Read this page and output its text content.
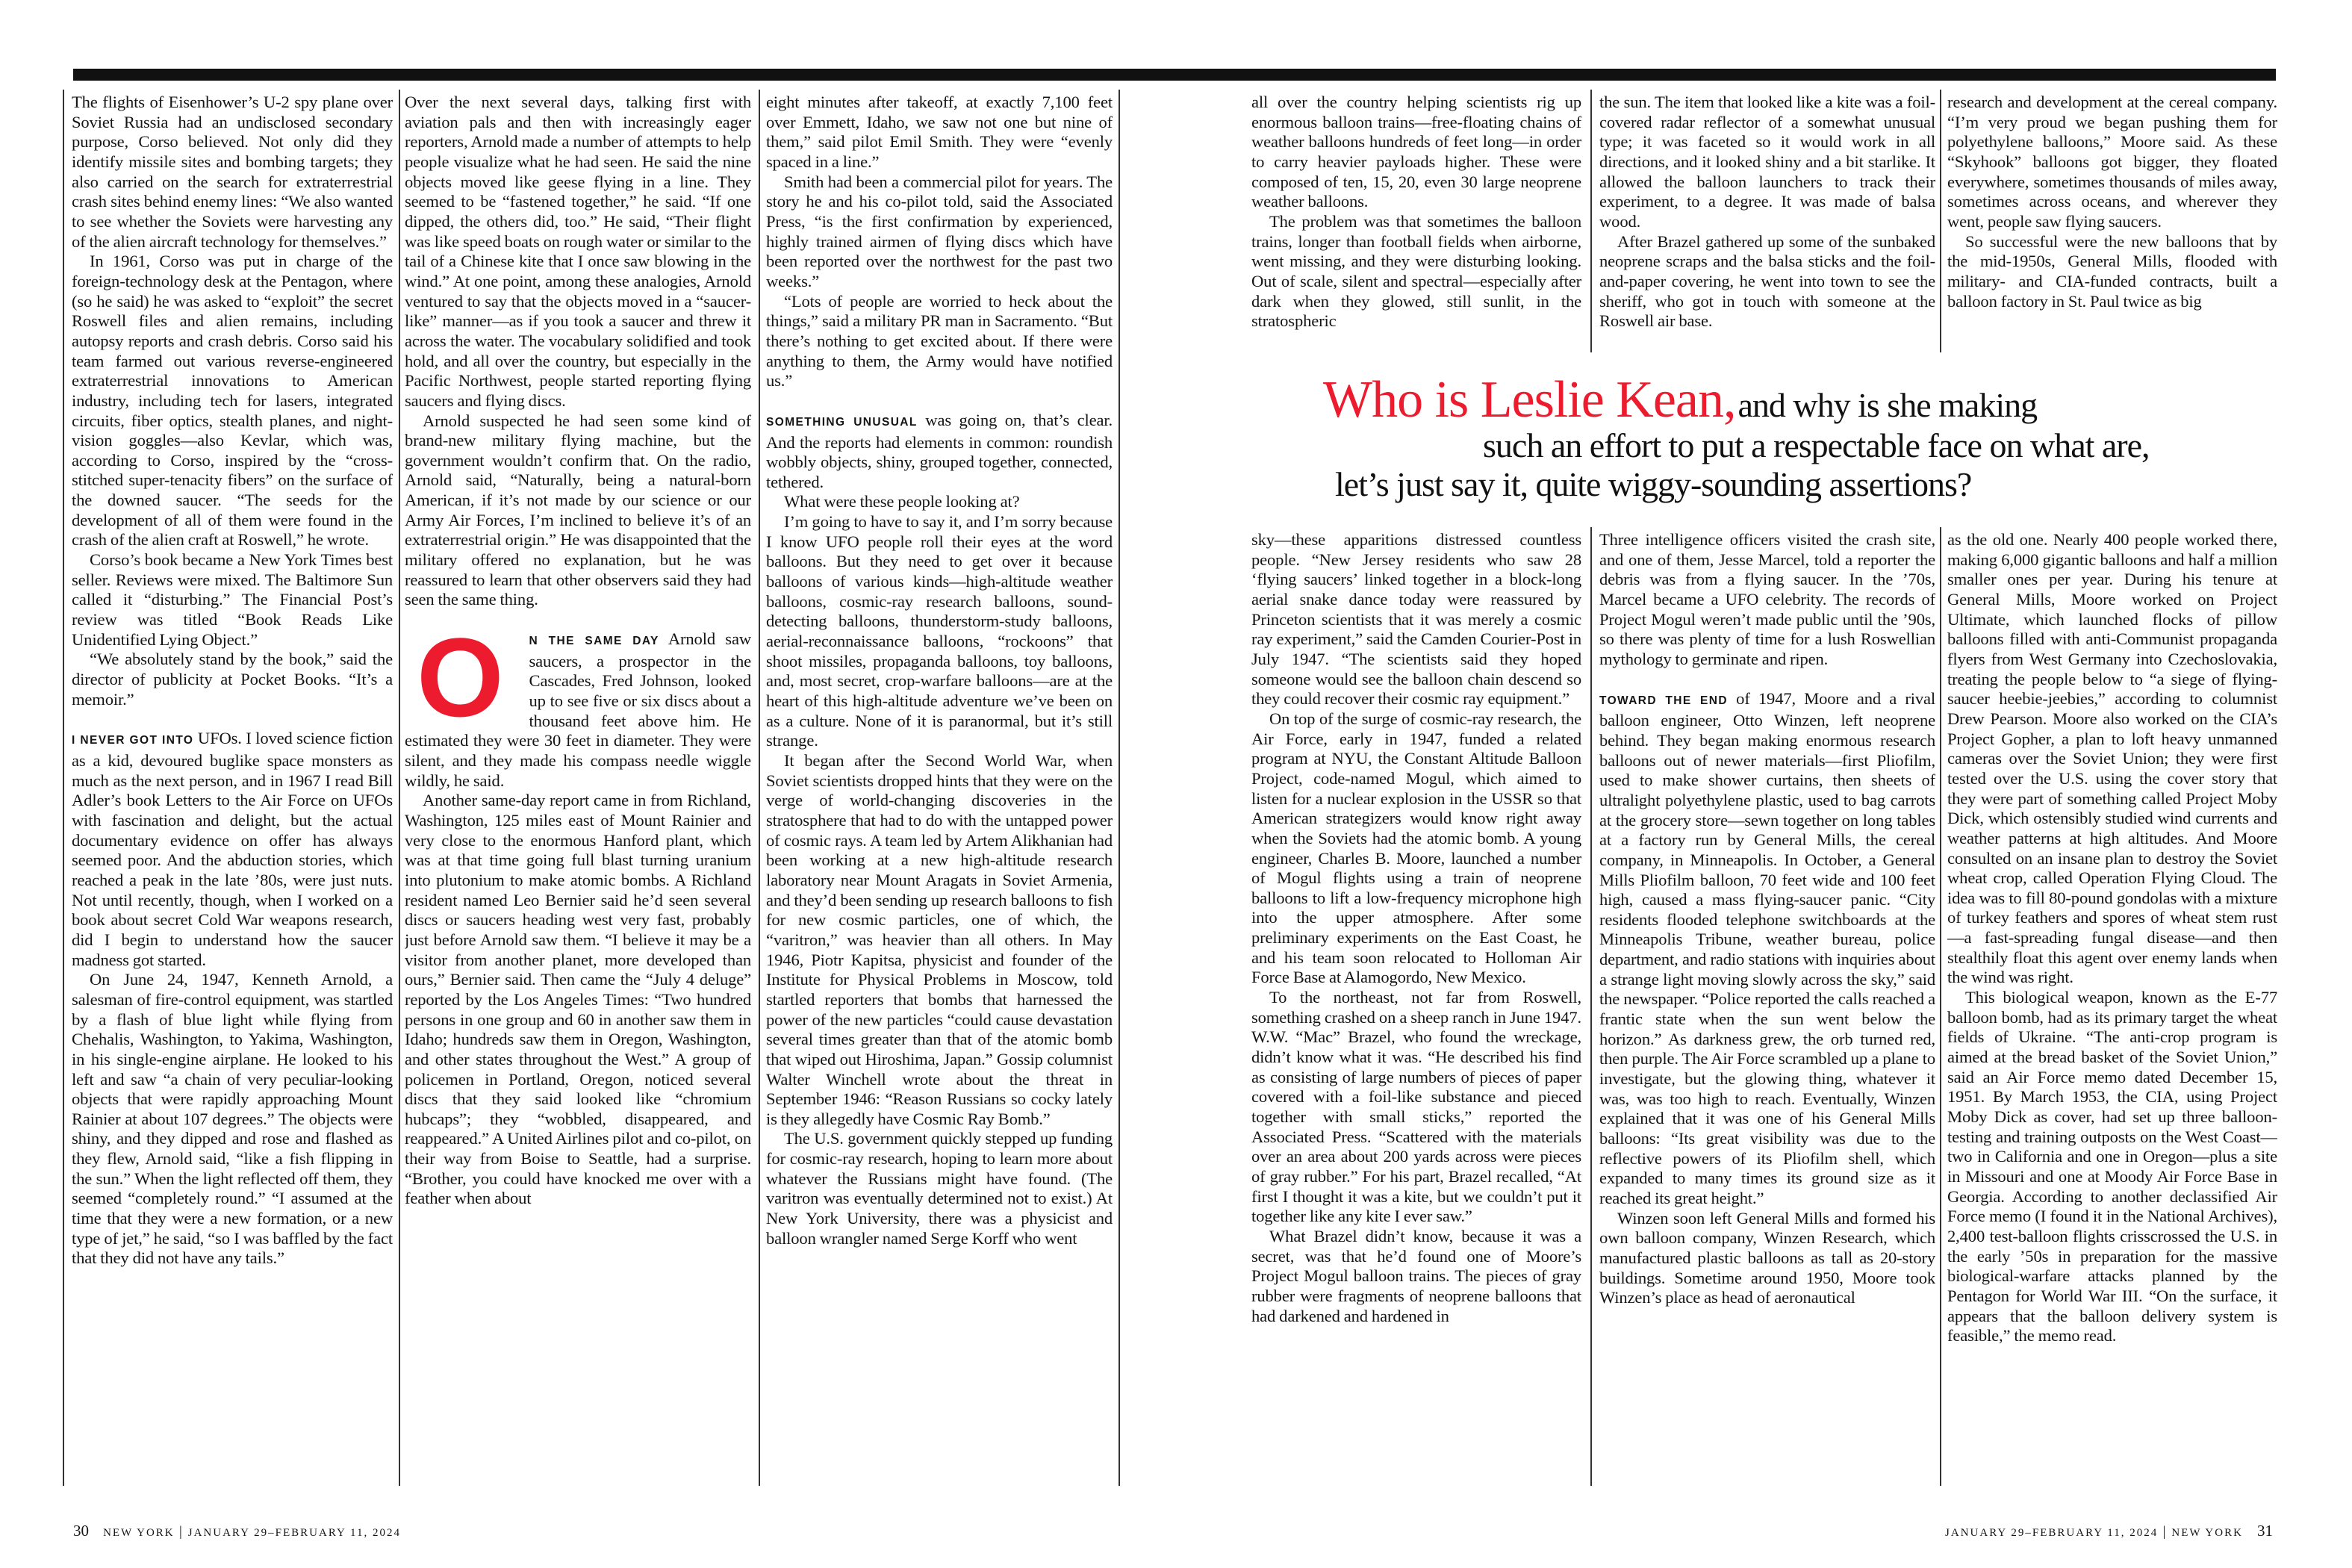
The flights of Eisenhower’s U-2 spy plane over Soviet Russia had an undisclosed secondary purpose, Corso believed. Not only did they identify missile sites and bombing targets; they also carried on the search for extraterrestrial crash sites behind enemy lines: “We also wanted to see whether the Soviets were harvesting any of the alien aircraft technology for themselves.”

In 1961, Corso was put in charge of the foreign-technology desk at the Pentagon, where (so he said) he was asked to “exploit” the secret Roswell files and alien remains, including autopsy reports and crash debris. Corso said his team farmed out various reverse-engineered extraterrestrial innovations to American industry, including tech for lasers, integrated circuits, fiber optics, stealth planes, and night-vision goggles—also Kevlar, which was, according to Corso, inspired by the “cross-stitched super-tenacity fibers” on the surface of the downed saucer. “The seeds for the development of all of them were found in the crash of the alien craft at Roswell,” he wrote.

Corso’s book became a New York Times best seller. Reviews were mixed. The Baltimore Sun called it “disturbing.” The Financial Post’s review was titled “Book Reads Like Unidentified Lying Object.”

“We absolutely stand by the book,” said the director of publicity at Pocket Books. “It’s a memoir.”

I NEVER GOT INTO UFOs. I loved science fiction as a kid, devoured buglike space monsters as much as the next person, and in 1967 I read Bill Adler’s book Letters to the Air Force on UFOs with fascination and delight, but the actual documentary evidence on offer has always seemed poor. And the abduction stories, which reached a peak in the late ’80s, were just nuts. Not until recently, though, when I worked on a book about secret Cold War weapons research, did I begin to understand how the saucer madness got started.

On June 24, 1947, Kenneth Arnold, a salesman of fire-control equipment, was startled by a flash of blue light while flying from Chehalis, Washington, to Yakima, Washington, in his single-engine airplane. He looked to his left and saw “a chain of very peculiar-looking objects that were rapidly approaching Mount Rainier at about 107 degrees.” The objects were shiny, and they dipped and rose and flashed as they flew, Arnold said, “like a fish flipping in the sun.” When the light reflected off them, they seemed “completely round.” “I assumed at the time that they were a new formation, or a new type of jet,” he said, “so I was baffled by the fact that they did not have any tails.”

Over the next several days, talking first with aviation pals and then with increasingly eager reporters, Arnold made a number of attempts to help people visualize what he had seen. He said the nine objects moved like geese flying in a line. They seemed to be “fastened together,” he said. “If one dipped, the others did, too.” He said, “Their flight was like speed boats on rough water or similar to the tail of a Chinese kite that I once saw blowing in the wind.” At one point, among these analogies, Arnold ventured to say that the objects moved in a “saucer-like” manner—as if you took a saucer and threw it across the water. The vocabulary solidified and took hold, and all over the country, but especially in the Pacific Northwest, people started reporting flying saucers and flying discs.

Arnold suspected he had seen some kind of brand-new military flying machine, but the government wouldn’t confirm that. On the radio, Arnold said, “Naturally, being a natural-born American, if it’s not made by our science or our Army Air Forces, I’m inclined to believe it’s of an extraterrestrial origin.” He was disappointed that the military offered no explanation, but he was reassured to learn that other observers said they had seen the same thing.

O N THE SAME DAY Arnold saw saucers, a prospector in the Cascades, Fred Johnson, looked up to see five or six discs about a thousand feet above him. He estimated they were 30 feet in diameter. They were silent, and they made his compass needle wiggle wildly, he said.

Another same-day report came in from Richland, Washington, 125 miles east of Mount Rainier and very close to the enormous Hanford plant, which was at that time going full blast turning uranium into plutonium to make atomic bombs. A Richland resident named Leo Bernier said he’d seen several discs or saucers heading west very fast, probably just before Arnold saw them. “I believe it may be a visitor from another planet, more developed than ours,” Bernier said. Then came the “July 4 deluge” reported by the Los Angeles Times: “Two hundred persons in one group and 60 in another saw them in Idaho; hundreds saw them in Oregon, Washington, and other states throughout the West.” A group of policemen in Portland, Oregon, noticed several discs that they said looked like “chromium hubcaps”; they “wobbled, disappeared, and reappeared.” A United Airlines pilot and co-pilot, on their way from Boise to Seattle, had a surprise. “Brother, you could have knocked me over with a feather when about

eight minutes after takeoff, at exactly 7,100 feet over Emmett, Idaho, we saw not one but nine of them,” said pilot Emil Smith. They were “evenly spaced in a line.”

Smith had been a commercial pilot for years. The story he and his co-pilot told, said the Associated Press, “is the first confirmation by experienced, highly trained airmen of flying discs which have been reported over the northwest for the past two weeks.”

“Lots of people are worried to heck about the things,” said a military PR man in Sacramento. “But there’s nothing to get excited about. If there were anything to them, the Army would have notified us.”

SOMETHING UNUSUAL was going on, that’s clear. And the reports had elements in common: roundish wobbly objects, shiny, grouped together, connected, tethered.

What were these people looking at?

I’m going to have to say it, and I’m sorry because I know UFO people roll their eyes at the word balloons. But they need to get over it because balloons of various kinds—high-altitude weather balloons, cosmic-ray research balloons, sound-detecting balloons, thunderstorm-study balloons, aerial-reconnaissance balloons, “rockoons” that shoot missiles, propaganda balloons, toy balloons, and, most secret, crop-warfare balloons—are at the heart of this high-altitude adventure we’ve been on as a culture. None of it is paranormal, but it’s still strange.

It began after the Second World War, when Soviet scientists dropped hints that they were on the verge of world-changing discoveries in the stratosphere that had to do with the untapped power of cosmic rays. A team led by Artem Alikhanian had been working at a new high-altitude research laboratory near Mount Aragats in Soviet Armenia, and they’d been sending up research balloons to fish for new cosmic particles, one of which, the “varitron,” was heavier than all others. In May 1946, Piotr Kapitsa, physicist and founder of the Institute for Physical Problems in Moscow, told startled reporters that bombs that harnessed the power of the new particles “could cause devastation several times greater than that of the atomic bomb that wiped out Hiroshima, Japan.” Gossip columnist Walter Winchell wrote about the threat in September 1946: “Reason Russians so cocky lately is they allegedly have Cosmic Ray Bomb.”

The U.S. government quickly stepped up funding for cosmic-ray research, hoping to learn more about whatever the Russians might have found. (The varitron was eventually determined not to exist.) At New York University, there was a physicist and balloon wrangler named Serge Korff who went

all over the country helping scientists rig up enormous balloon trains—free-floating chains of weather balloons hundreds of feet long—in order to carry heavier payloads higher. These were composed of ten, 15, 20, even 30 large neoprene weather balloons.

The problem was that sometimes the balloon trains, longer than football fields when airborne, went missing, and they were disturbing looking. Out of scale, silent and spectral—especially after dark when they glowed, still sunlit, in the stratospheric

the sun. The item that looked like a kite was a foil-covered radar reflector of a somewhat unusual type; it was faceted so it would work in all directions, and it looked shiny and a bit starlike. It allowed the balloon launchers to track their experiment, to a degree. It was made of balsa wood.

After Brazel gathered up some of the sunbaked neoprene scraps and the balsa sticks and the foil-and-paper covering, he went into town to see the sheriff, who got in touch with someone at the Roswell air base.

research and development at the cereal company. “I’m very proud we began pushing them for polyethylene balloons,” Moore said. As these “Skyhook” balloons got bigger, they floated everywhere, sometimes thousands of miles away, sometimes across oceans, and wherever they went, people saw flying saucers.

So successful were the new balloons that by the mid-1950s, General Mills, flooded with military- and CIA-funded contracts, built a balloon factory in St. Paul twice as big

Who is Leslie Kean, and why is she making
such an effort to put a respectable face on what are,
let’s just say it, quite wiggy-sounding assertions?

sky—these apparitions distressed countless people. “New Jersey residents who saw 28 ‘flying saucers’ linked together in a block-long aerial snake dance today were reassured by Princeton scientists that it was merely a cosmic ray experiment,” said the Camden Courier-Post in July 1947. “The scientists said they hoped someone would see the balloon chain descend so they could recover their cosmic ray equipment.”

On top of the surge of cosmic-ray research, the Air Force, early in 1947, funded a related program at NYU, the Constant Altitude Balloon Project, code-named Mogul, which aimed to listen for a nuclear explosion in the USSR so that American strategizers would know right away when the Soviets had the atomic bomb. A young engineer, Charles B. Moore, launched a number of Mogul flights using a train of neoprene balloons to lift a low-frequency microphone high into the upper atmosphere. After some preliminary experiments on the East Coast, he and his team soon relocated to Holloman Air Force Base at Alamogordo, New Mexico.

To the northeast, not far from Roswell, something crashed on a sheep ranch in June 1947. W.W. “Mac” Brazel, who found the wreckage, didn’t know what it was. “He described his find as consisting of large numbers of pieces of paper covered with a foil-like substance and pieced together with small sticks,” reported the Associated Press. “Scattered with the materials over an area about 200 yards across were pieces of gray rubber.” For his part, Brazel recalled, “At first I thought it was a kite, but we couldn’t put it together like any kite I ever saw.”

What Brazel didn’t know, because it was a secret, was that he’d found one of Moore’s Project Mogul balloon trains. The pieces of gray rubber were fragments of neoprene balloons that had darkened and hardened in

Three intelligence officers visited the crash site, and one of them, Jesse Marcel, told a reporter the debris was from a flying saucer. In the ’70s, Marcel became a UFO celebrity. The records of Project Mogul weren’t made public until the ’90s, so there was plenty of time for a lush Roswellian mythology to germinate and ripen.

TOWARD THE END of 1947, Moore and a rival balloon engineer, Otto Winzen, left neoprene behind. They began making enormous research balloons out of newer materials—first Pliofilm, used to make shower curtains, then sheets of ultralight polyethylene plastic, used to bag carrots at the grocery store—sewn together on long tables at a factory run by General Mills, the cereal company, in Minneapolis. In October, a General Mills Pliofilm balloon, 70 feet wide and 100 feet high, caused a mass flying-saucer panic. “City residents flooded telephone switchboards at the Minneapolis Tribune, weather bureau, police department, and radio stations with inquiries about a strange light moving slowly across the sky,” said the newspaper. “Police reported the calls reached a frantic state when the sun went below the horizon.” As darkness grew, the orb turned red, then purple. The Air Force scrambled up a plane to investigate, but the glowing thing, whatever it was, was too high to reach. Eventually, Winzen explained that it was one of his General Mills balloons: “Its great visibility was due to the reflective powers of its Pliofilm shell, which expanded to many times its ground size as it reached its great height.”

Winzen soon left General Mills and formed his own balloon company, Winzen Research, which manufactured plastic balloons as tall as 20-story buildings. Sometime around 1950, Moore took Winzen’s place as head of aeronautical

as the old one. Nearly 400 people worked there, making 6,000 gigantic balloons and half a million smaller ones per year. During his tenure at General Mills, Moore worked on Project Ultimate, which launched flocks of pillow balloons filled with anti-Communist propaganda flyers from West Germany into Czechoslovakia, treating the people below to “a siege of flying-saucer heebie-jeebies,” according to columnist Drew Pearson. Moore also worked on the CIA’s Project Gopher, a plan to loft heavy unmanned cameras over the Soviet Union; they were first tested over the U.S. using the cover story that they were part of something called Project Moby Dick, which ostensibly studied wind currents and weather patterns at high altitudes. And Moore consulted on an insane plan to destroy the Soviet wheat crop, called Operation Flying Cloud. The idea was to fill 80-pound gondolas with a mixture of turkey feathers and spores of wheat stem rust—a fast-spreading fungal disease—and then stealthily float this agent over enemy lands when the wind was right.

This biological weapon, known as the E-77 balloon bomb, had as its primary target the wheat fields of Ukraine. “The anti-crop program is aimed at the bread basket of the Soviet Union,” said an Air Force memo dated December 15, 1951. By March 1953, the CIA, using Project Moby Dick as cover, had set up three balloon-testing and training outposts on the West Coast—two in California and one in Oregon—plus a site in Missouri and one at Moody Air Force Base in Georgia. According to another declassified Air Force memo (I found it in the National Archives), 2,400 test-balloon flights crisscrossed the U.S. in the early ’50s in preparation for the massive biological-warfare attacks planned by the Pentagon for World War III. “On the surface, it appears that the balloon delivery system is feasible,” the memo read.

30 NEW YORK | JANUARY 29–FEBRUARY 11, 2024	JANUARY 29–FEBRUARY 11, 2024 | NEW YORK 31
